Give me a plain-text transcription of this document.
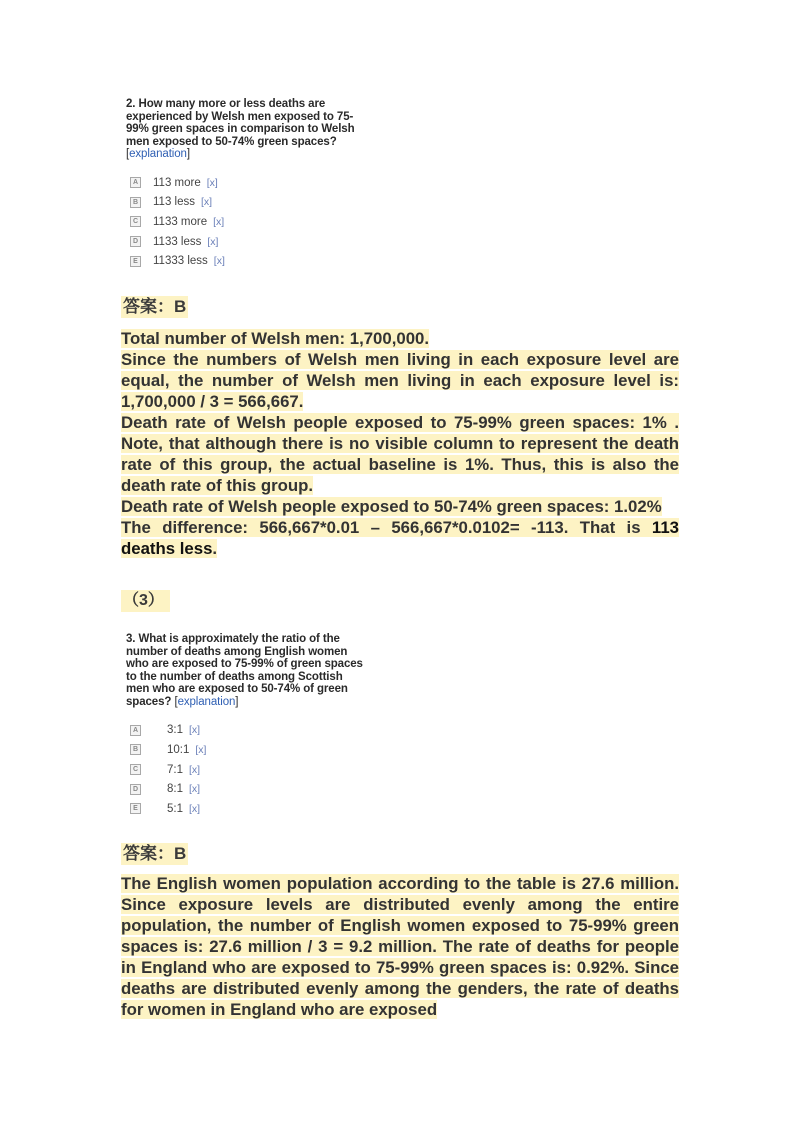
2. How many more or less deaths are experienced by Welsh men exposed to 75-99% green spaces in comparison to Welsh men exposed to 50-74% green spaces? [explanation]
A 113 more [x]
B 113 less [x]
C 1133 more [x]
D 1133 less [x]
E 11333 less [x]
答案：B

Total number of Welsh men: 1,700,000.

Since the numbers of Welsh men living in each exposure level are equal, the number of Welsh men living in each exposure level is: 1,700,000 / 3 = 566,667.

Death rate of Welsh people exposed to 75-99% green spaces: 1% . Note, that although there is no visible column to represent the death rate of this group, the actual baseline is 1%. Thus, this is also the death rate of this group.

Death rate of Welsh people exposed to 50-74% green spaces: 1.02%

The difference: 566,667*0.01 – 566,667*0.0102= -113. That is 113 deaths less.

（3）
3. What is approximately the ratio of the number of deaths among English women who are exposed to 75-99% of green spaces to the number of deaths among Scottish men who are exposed to 50-74% of green spaces? [explanation]
A	3:1 [x]
B	10:1 [x]
C	7:1 [x]
D	8:1 [x]
E	5:1 [x]
答案：B

The English women population according to the table is 27.6 million. Since exposure levels are distributed evenly among the entire population, the number of English women exposed to 75-99% green spaces is: 27.6 million / 3 = 9.2 million. The rate of deaths for people in England who are exposed to 75-99% green spaces is: 0.92%. Since deaths are distributed evenly among the genders, the rate of deaths for women in England who are exposed
